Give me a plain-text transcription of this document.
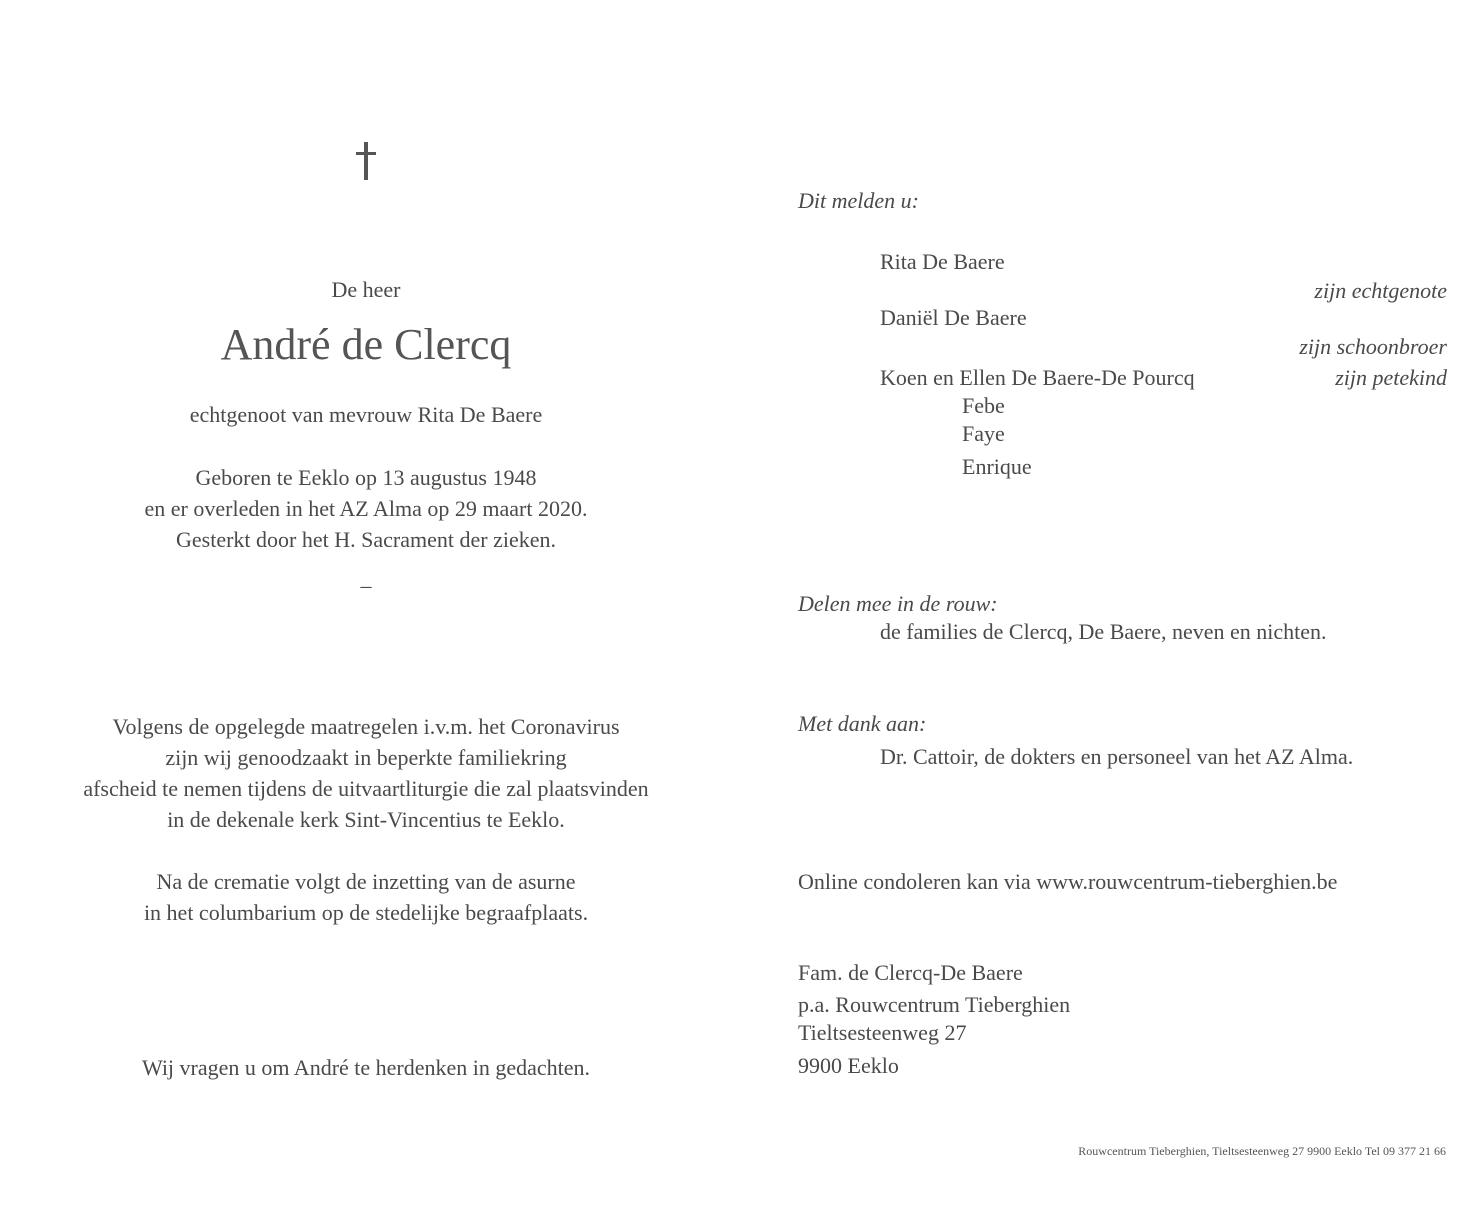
De heer
André de Clercq
echtgenoot van mevrouw Rita De Baere
Geboren te Eeklo op 13 augustus 1948
en er overleden in het AZ Alma op 29 maart 2020.
Gesterkt door het H. Sacrament der zieken.
_
Volgens de opgelegde maatregelen i.v.m. het Coronavirus
zijn wij genoodzaakt in beperkte familiekring
afscheid te nemen tijdens de uitvaartliturgie die zal plaatsvinden
in de dekenale kerk Sint-Vincentius te Eeklo.
Na de crematie volgt de inzetting van de asurne
in het columbarium op de stedelijke begraafplaats.
Wij vragen u om André te herdenken in gedachten.
Dit melden u:
Rita De Baere
zijn echtgenote
Daniël De Baere
zijn schoonbroer
Koen en Ellen De Baere-De Pourcq	zijn petekind
Febe
Faye
Enrique
Delen mee in de rouw:
de families de Clercq, De Baere, neven en nichten.
Met dank aan:
Dr. Cattoir, de dokters en personeel van het AZ Alma.
Online condoleren kan via www.rouwcentrum-tieberghien.be
Fam. de Clercq-De Baere
p.a. Rouwcentrum Tieberghien
Tieltsesteenweg 27
9900 Eeklo
Rouwcentrum Tieberghien, Tieltsesteenweg 27 9900 Eeklo Tel 09 377 21 66
